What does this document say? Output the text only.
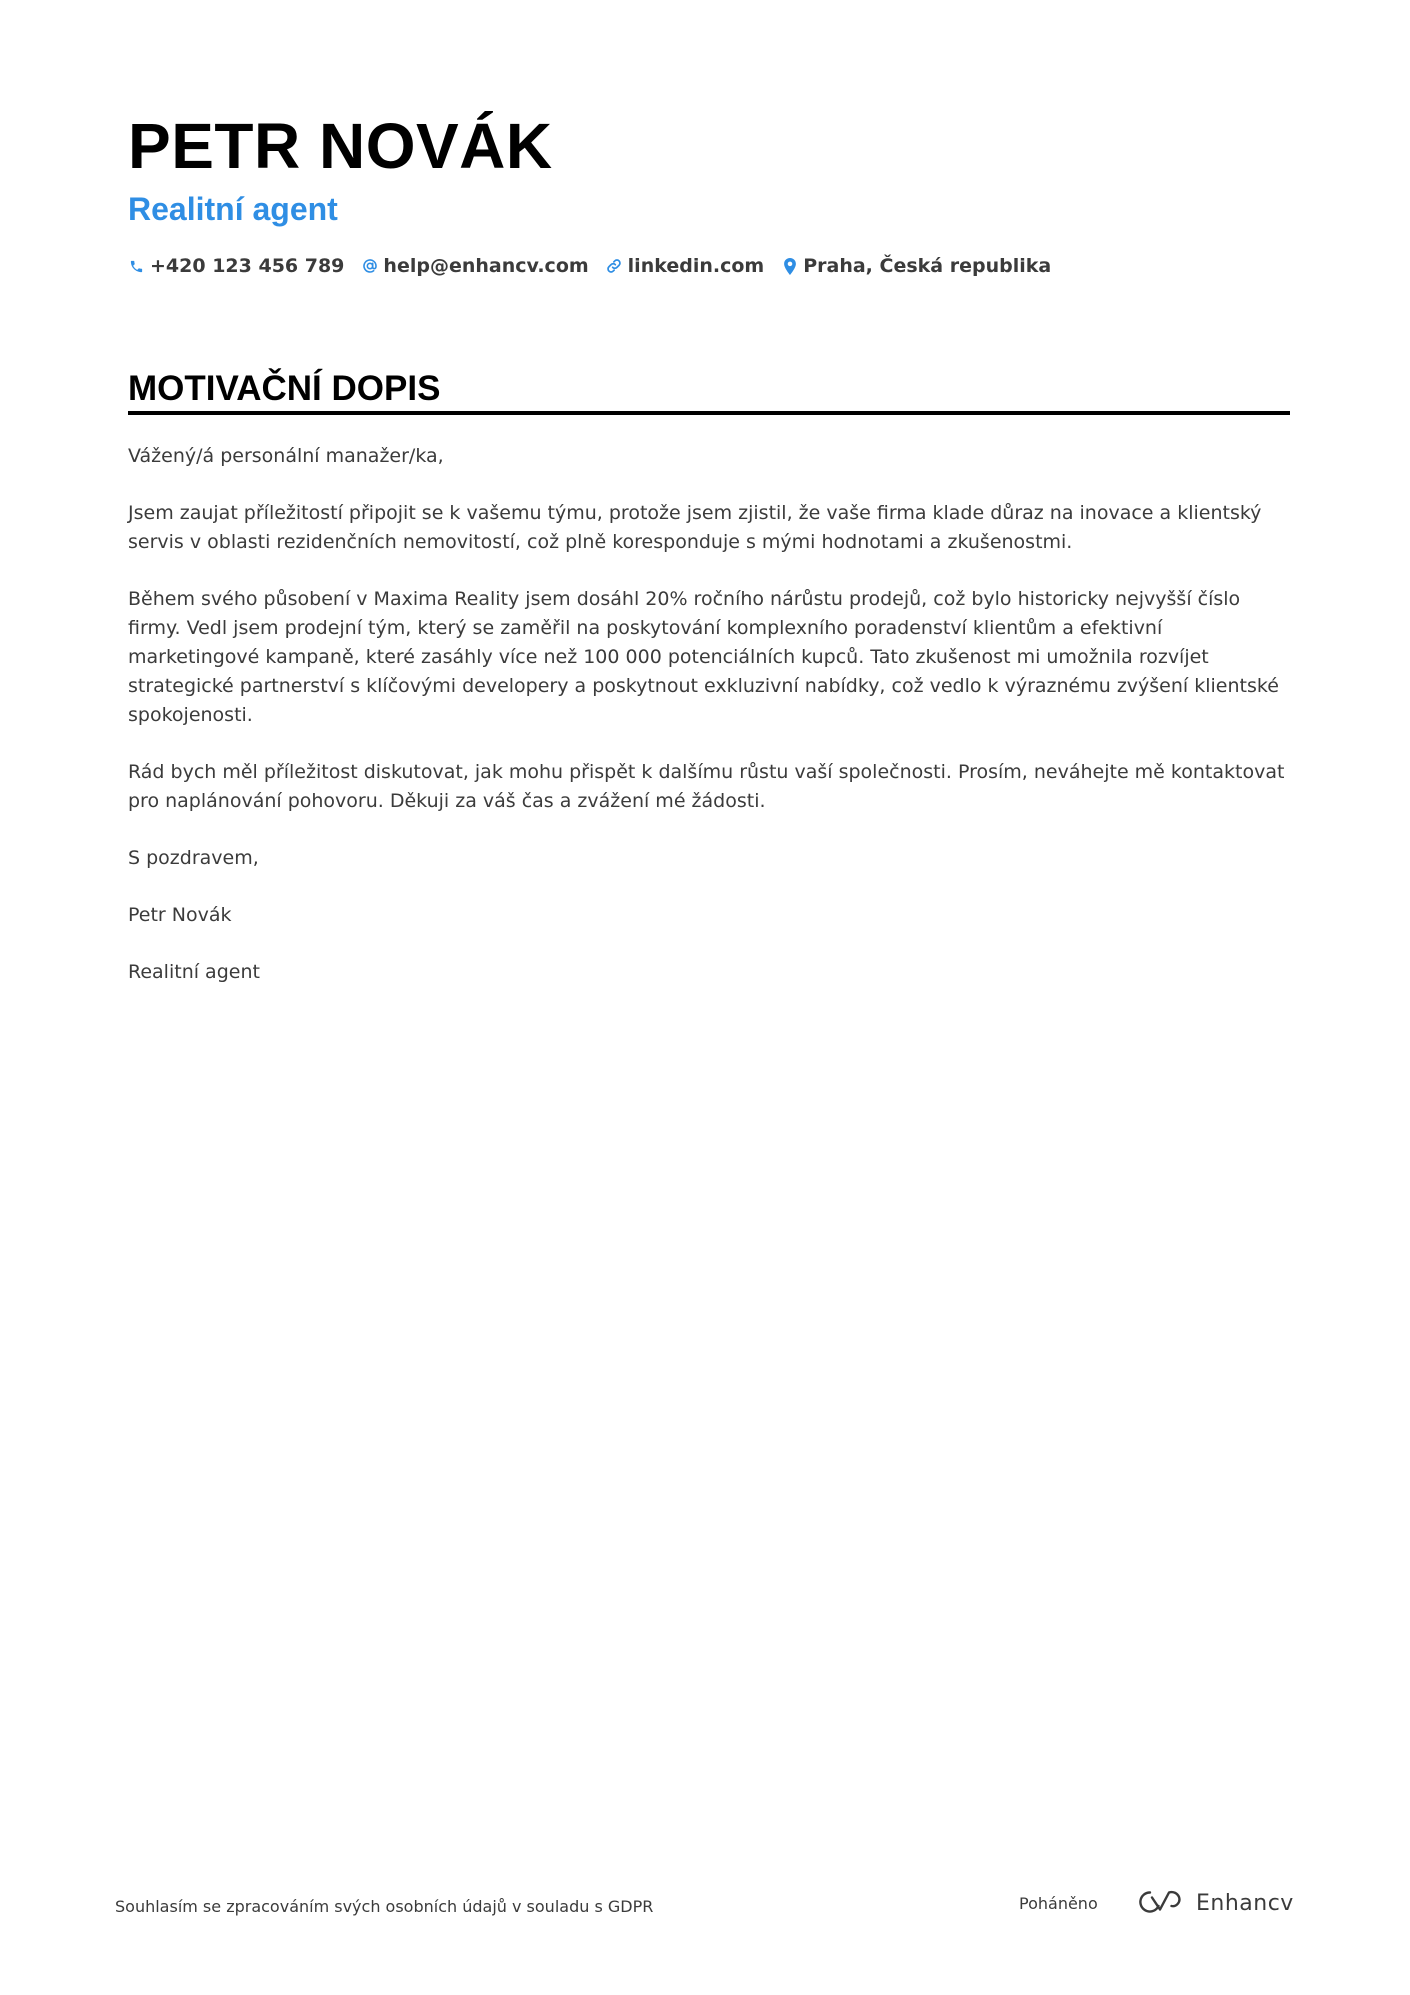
PETR NOVÁK
Realitní agent
+420 123 456 789 help@enhancv.com linkedin.com Praha, Česká republika
MOTIVAČNÍ DOPIS

Vážený/á personální manažer/ka,

Jsem zaujat příležitostí připojit se k vašemu týmu, protože jsem zjistil, že vaše firma klade důraz na inovace a klientský servis v oblasti rezidenčních nemovitostí, což plně koresponduje s mými hodnotami a zkušenostmi.

Během svého působení v Maxima Reality jsem dosáhl 20% ročního nárůstu prodejů, což bylo historicky nejvyšší číslo firmy. Vedl jsem prodejní tým, který se zaměřil na poskytování komplexního poradenství klientům a efektivní marketingové kampaně, které zasáhly více než 100 000 potenciálních kupců. Tato zkušenost mi umožnila rozvíjet strategické partnerství s klíčovými developery a poskytnout exkluzivní nabídky, což vedlo k výraznému zvýšení klientské spokojenosti.

Rád bych měl příležitost diskutovat, jak mohu přispět k dalšímu růstu vaší společnosti. Prosím, neváhejte mě kontaktovat pro naplánování pohovoru. Děkuji za váš čas a zvážení mé žádosti.

S pozdravem,

Petr Novák

Realitní agent

Souhlasím se zpracováním svých osobních údajů v souladu s GDPR	Poháněno	Enhancv
